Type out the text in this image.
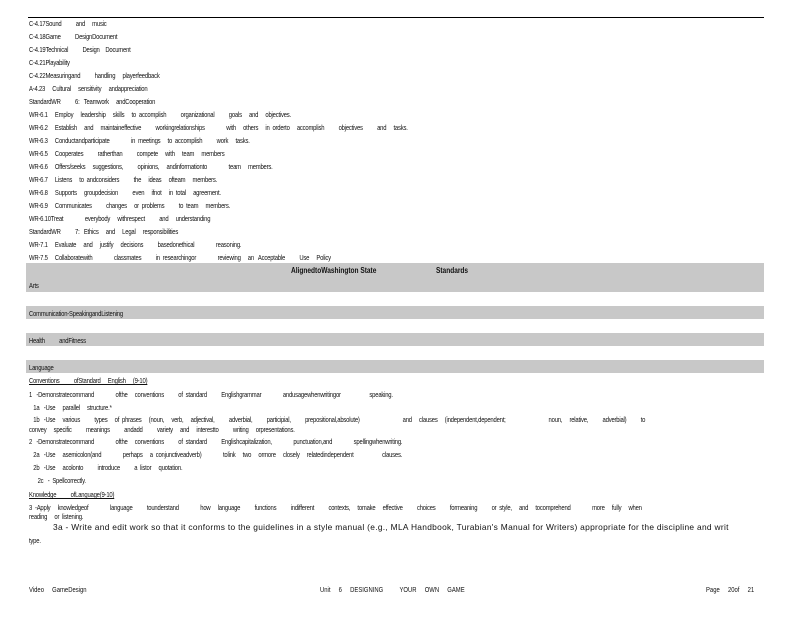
C-4.17Sound          and     music
C-4.18Game          DesignDocument
C-4.19Technical          Design    Document
C-4.21Playability
C-4.22Measuringand          handling     playerfeedback
A-4.23     Cultural     sensitivity     andappreciation
StandardWR          6:   Teamwork     andCooperation
WR-6.1     Employ     leadership     skills     to  accomplish          organizational          goals     and     objectives.
WR-6.2     Establish     and     maintaineffective          workingrelationships               with     others     in  orderto     accomplish          objectives          and     tasks.
WR-6.3     Conductandparticipate               in  meetings     to  accomplish          work     tasks.
WR-6.5     Cooperates          ratherthan          compete     with     team     members
WR-6.6     Offers/seeks     suggestions,          opinions,     andinformationto               team     members.
WR-6.7     Listens     to  andconsiders          the     ideas     ofteam     members.
WR-6.8     Supports     groupdecision          even     ifnot     in  total     agreement.
WR-6.9     Communicates          changes     or  problems          to  team     members.
WR-6.10Treat               everybody     withrespect          and     understanding
StandardWR          7:   Ethics     and     Legal     responsibilities
WR-7.1     Evaluate     and     justify     decisions          basedonethical               reasoning.
WR-7.5     Collaboratewith               classmates          in  researchingor               reviewing     an   Acceptable          Use     Policy
AlignedtoWashington State	Standards
Arts
Communication-SpeakingandListening
Health          andFitness
Language
Conventions          ofStandard     English     (9-10)
1   -Demonstratecommand               ofthe     conventions          of  standard          Englishgrammar               andusagewhenwritingor                    speaking.
1a   -Use     parallel     structure.*
1b   -Use     various          types     of  phrases     (noun,     verb,     adjectival,          adverbial,          participial,          prepositional,absolute)                              and     clauses     (independent,dependent;                              noun,     relative,          adverbial)          to
convey     specific          meanings          andadd          variety     and     interestto          writing     orpresentations.
2   -Demonstratecommand               ofthe     conventions          of  standard          Englishcapitalization,               punctuation,and               spellingwhenwriting.
2a   -Use     asemicolon(and               perhaps     a  conjunctiveadverb)               tolink     two     ormore     closely     relatedindependent                    clauses.
2b   -Use     acolonto          introduce          a  listor     quotation.
2c   -  Spellcorrectly.
Knowledge          ofLanguage(9-10)
3  -Apply     knowledgeof               language          tounderstand               how     language          functions          indifferent          contexts,     tomake     effective          choices          formeaning          or  style,     and     tocomprehend               more     fully     when
reading     or  listening.
3a - Write and edit work so that it conforms to the guidelines in a style manual (e.g., MLA Handbook, Turabian's Manual for Writers) appropriate for the discipline and writ
type.
Video     GameDesign	Unit     6     DESIGNING          YOUR     OWN     GAME	Page     20of     21
